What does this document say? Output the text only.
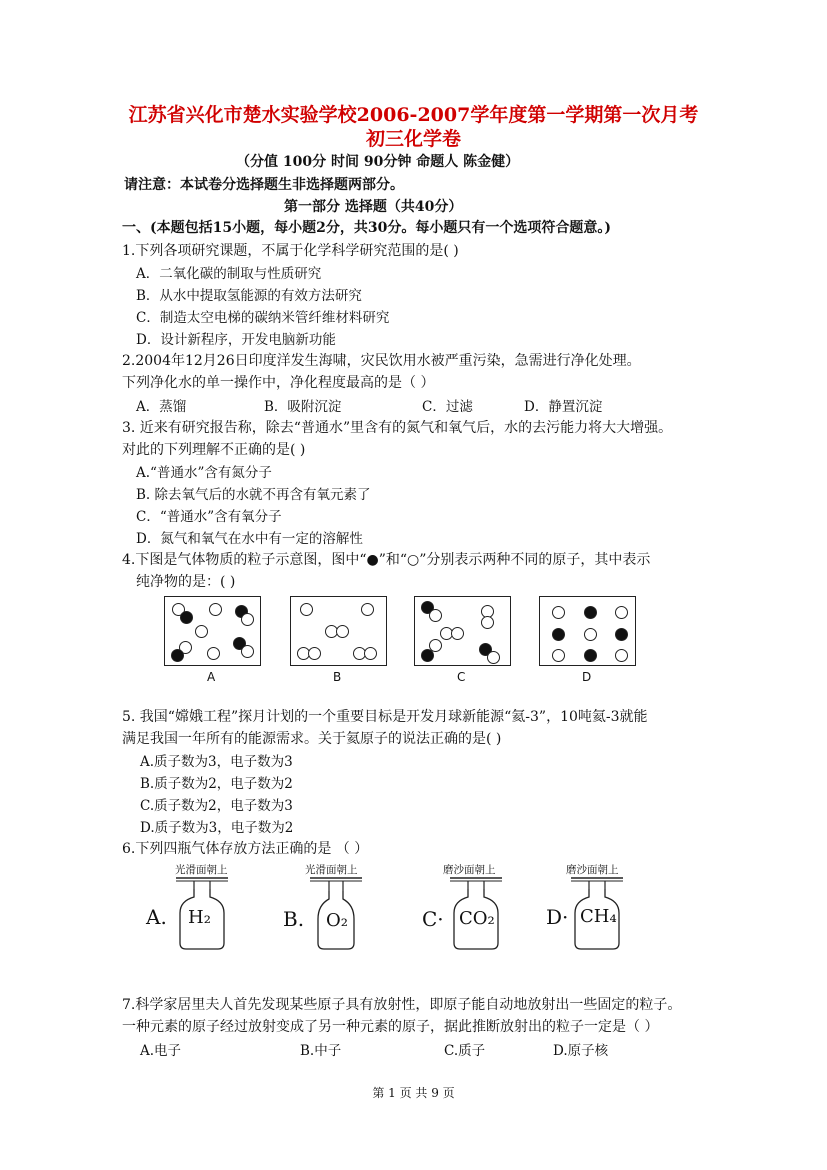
江苏省兴化市楚水实验学校2006-2007学年度第一学期第一次月考
初三化学卷
（分值 100分 时间 90分钟 命题人 陈金健）
请注意：本试卷分选择题生非选择题两部分。
第一部分 选择题（共40分）
一、(本题包括15小题，每小题2分，共30分。每小题只有一个选项符合题意。)
1.下列各项研究课题，不属于化学科学研究范围的是( )
A．二氧化碳的制取与性质研究
B．从水中提取氢能源的有效方法研究
C．制造太空电梯的碳纳米管纤维材料研究
D．设计新程序，开发电脑新功能
2.2004年12月26日印度洋发生海啸，灾民饮用水被严重污染，急需进行净化处理。
下列净化水的单一操作中，净化程度最高的是（ ）
A．蒸馏	B．吸附沉淀	C．过滤	D．静置沉淀
3. 近来有研究报告称，除去“普通水”里含有的氮气和氧气后，水的去污能力将大大增强。
对此的下列理解不正确的是( )
A.“普通水”含有氮分子
B. 除去氧气后的水就不再含有氧元素了
C．“普通水”含有氧分子
D．氮气和氧气在水中有一定的溶解性
4.下图是气体物质的粒子示意图，图中“●”和“○”分别表示两种不同的原子，其中表示
纯净物的是：( )
A	B	C	D
5. 我国“嫦娥工程”探月计划的一个重要目标是开发月球新能源“氦-3”，10吨氦-3就能
满足我国一年所有的能源需求。关于氦原子的说法正确的是( )
A.质子数为3，电子数为3
B.质子数为2，电子数为2
C.质子数为2，电子数为3
D.质子数为3，电子数为2
6.下列四瓶气体存放方法正确的是 （ ）
A.
光滑面朝上
H₂	B.
光滑面朝上
O₂	C·
磨沙面朝上
CO₂	D·
磨沙面朝上
CH₄
7.科学家居里夫人首先发现某些原子具有放射性，即原子能自动地放射出一些固定的粒子。
一种元素的原子经过放射变成了另一种元素的原子，据此推断放射出的粒子一定是（ ）
A.电子	B.中子	C.质子	D.原子核
第 1 页 共 9 页
